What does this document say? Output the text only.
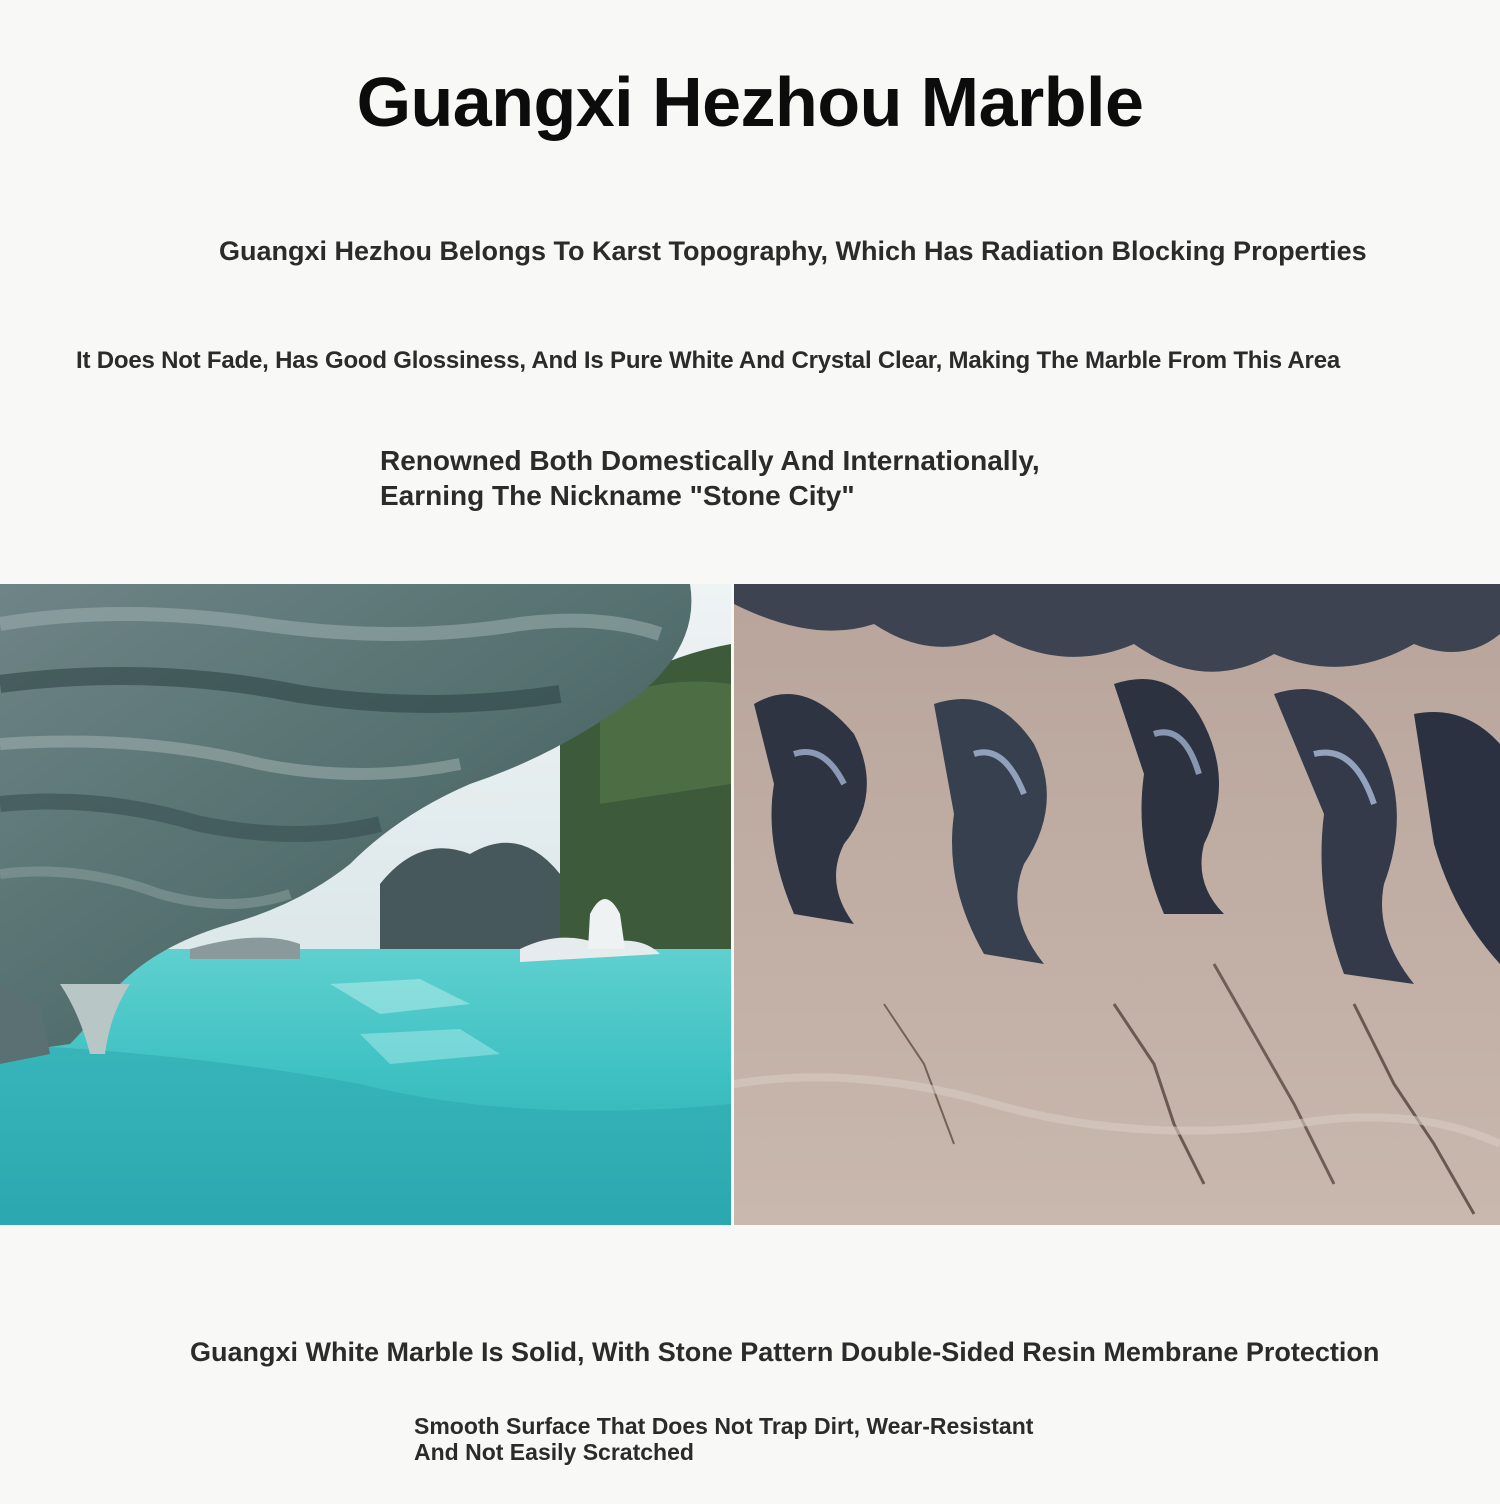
Guangxi Hezhou Marble

Guangxi Hezhou Belongs To Karst Topography, Which Has Radiation Blocking Properties

It Does Not Fade, Has Good Glossiness, And Is Pure White And Crystal Clear, Making The Marble From This Area

Renowned Both Domestically And Internationally,
Earning The Nickname "Stone City"

Guangxi White Marble Is Solid, With Stone Pattern Double-Sided Resin Membrane Protection

Smooth Surface That Does Not Trap Dirt, Wear-Resistant
And Not Easily Scratched
